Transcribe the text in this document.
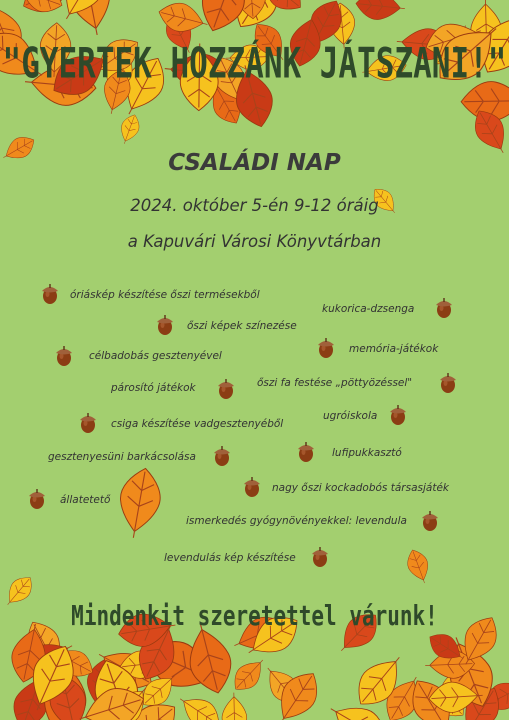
"GYERTEK HOZZÁNK JÁTSZANI!"
CSALÁDI NAP
2024. október 5-én 9-12 óráig
a Kapuvári Városi Könyvtárban
óriáskép készítése őszi termésekből
kukorica-dzsenga
őszi képek színezése
memória-játékok
célbadobás gesztenyével
párosító játékok	őszi fa festése „pöttyözéssel"
csiga készítése vadgesztenyéből
ugróiskola
gesztenyesüni barkácsolása	lufipukkasztó
állatetető
nagy őszi kockadobós társasjáték
ismerkedés gyógynövényekkel: levendula
levendulás kép készítése
Mindenkit szeretettel várunk!
